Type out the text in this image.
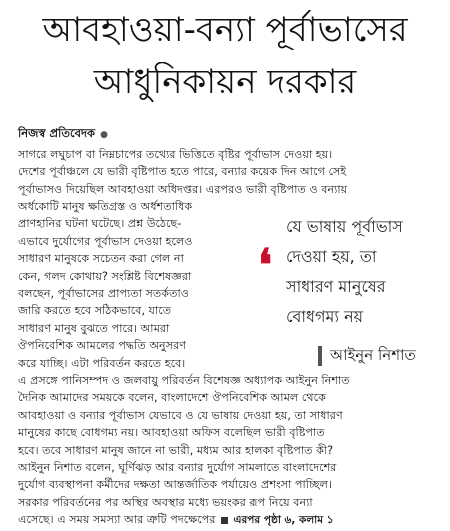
আবহাওয়া-বন্যা পূর্বাভাসের
আধুনিকায়ন দরকার
নিজস্ব প্রতিবেদক ●
সাগরে লঘুচাপ বা নিম্নচাপের তথ্যের ভিত্তিতে বৃষ্টির পূর্বাভাস দেওয়া হয়।
দেশের পূর্বাঞ্চলে যে ভারী বৃষ্টিপাত হতে পারে, বন্যার কয়েক দিন আগে সেই
পূর্বাভাসও দিয়েছিল আবহাওয়া অধিদপ্তর। এরপরও ভারী বৃষ্টিপাত ও বন্যায়
অর্ধকোটি মানুষ ক্ষতিগ্রস্ত ও অর্ধশতাধিক
প্রাণহানির ঘটনা ঘটেছে। প্রশ্ন উঠেছে-
এভাবে দুর্যোগের পূর্বাভাস দেওয়া হলেও
সাধারণ মানুষকে সচেতন করা গেল না
কেন, গলদ কোথায়? সংশ্লিষ্ট বিশেষজ্ঞরা
বলছেন, পূর্বাভাসের প্রাপ্যতা সতর্কতাও
জারি করতে হবে সঠিকভাবে, যাতে
সাধারণ মানুষ বুঝতে পারে। আমরা
ঔপনিবেশিক আমলের পদ্ধতি অনুসরণ
করে যাচ্ছি। এটা পরিবর্তন করতে হবে।
❛
যে ভাষায় পূর্বাভাস
দেওয়া হয়, তা
সাধারণ মানুষের
বোধগম্য নয়
আইনুন নিশাত
এ প্রসঙ্গে পানিসম্পদ ও জলবায়ু পরিবর্তন বিশেষজ্ঞ অধ্যাপক আইনুন নিশাত
দৈনিক আমাদের সময়কে বলেন, বাংলাদেশে ঔপনিবেশিক আমল থেকে
আবহাওয়া ও বন্যার পূর্বাভাস যেভাবে ও যে ভাষায় দেওয়া হয়, তা সাধারণ
মানুষের কাছে বোধগম্য নয়। আবহাওয়া অফিস বলেছিল ভারী বৃষ্টিপাত
হবে। তবে সাধারণ মানুষ জানে না ভারী, মধ্যম আর হালকা বৃষ্টিপাত কী?
আইনুন নিশাত বলেন, ঘূর্ণিঝড় আর বন্যার দুর্যোগ সামলাতে বাংলাদেশের
দুর্যোগ ব্যবস্থাপনা কর্মীদের দক্ষতা আন্তর্জাতিক পর্যায়েও প্রশংসা পাচ্ছিল।
সরকার পরিবর্তনের পর অস্থির অবস্থার মধ্যে ভয়ংকর রূপ নিয়ে বন্যা
এসেছে। এ সময় সমস্যা আর ত্রুটি পদক্ষেপের এরপর পৃষ্ঠা ৬, কলাম ১
